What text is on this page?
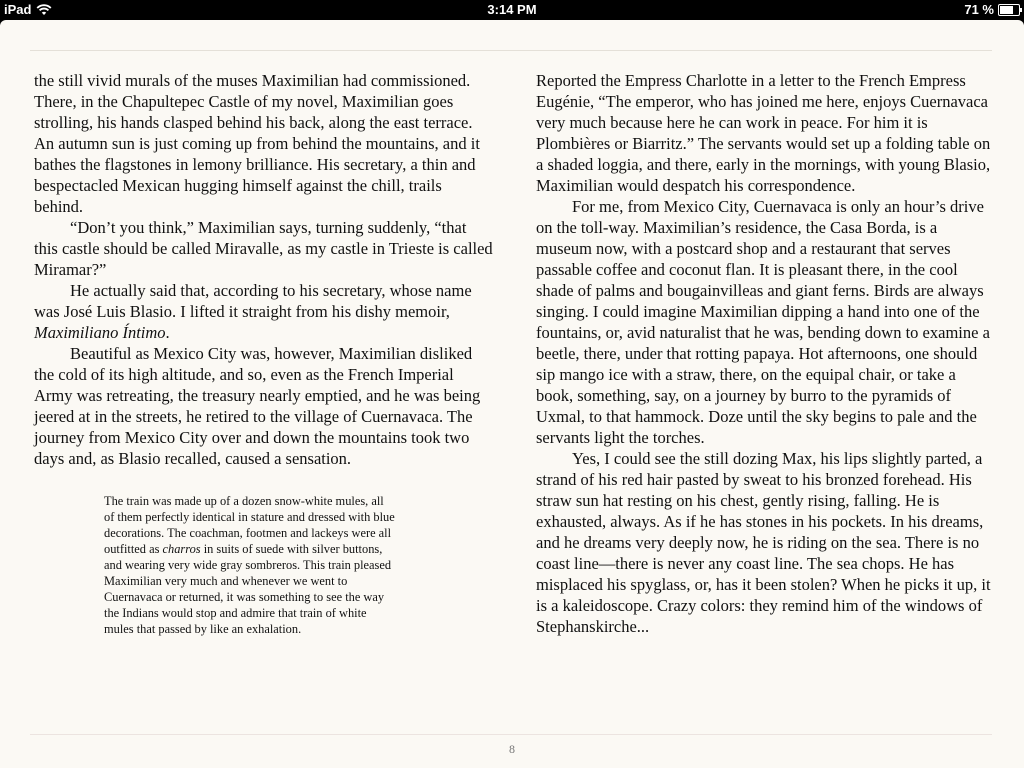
iPad	3:14 PM	71 %

the still vivid murals of the muses Maximilian had commissioned. There, in the Chapultepec Castle of my novel, Maximilian goes strolling, his hands clasped behind his back, along the east terrace. An autumn sun is just coming up from behind the mountains, and it bathes the flagstones in lemony brilliance. His secretary, a thin and bespectacled Mexican hugging himself against the chill, trails behind.

“Don’t you think,” Maximilian says, turning suddenly, “that this castle should be called Miravalle, as my castle in Trieste is called Miramar?”

He actually said that, according to his secretary, whose name was José Luis Blasio. I lifted it straight from his dishy memoir, Maximiliano Íntimo.

Beautiful as Mexico City was, however, Maximilian disliked the cold of its high altitude, and so, even as the French Imperial Army was retreating, the treasury nearly emptied, and he was being jeered at in the streets, he retired to the village of Cuernavaca. The journey from Mexico City over and down the mountains took two days and, as Blasio recalled, caused a sensation.

The train was made up of a dozen snow-white mules, all of them perfectly identical in stature and dressed with blue decorations. The coachman, footmen and lackeys were all outfitted as charros in suits of suede with silver buttons, and wearing very wide gray sombreros. This train pleased Maximilian very much and whenever we went to Cuernavaca or returned, it was something to see the way the Indians would stop and admire that train of white mules that passed by like an exhalation.

Reported the Empress Charlotte in a letter to the French Empress Eugénie, “The emperor, who has joined me here, enjoys Cuernavaca very much because here he can work in peace. For him it is Plombières or Biarritz.” The servants would set up a folding table on a shaded loggia, and there, early in the mornings, with young Blasio, Maximilian would despatch his correspondence.

For me, from Mexico City, Cuernavaca is only an hour’s drive on the toll-way. Maximilian’s residence, the Casa Borda, is a museum now, with a postcard shop and a restaurant that serves passable coffee and coconut flan. It is pleasant there, in the cool shade of palms and bougainvilleas and giant ferns. Birds are always singing. I could imagine Maximilian dipping a hand into one of the fountains, or, avid naturalist that he was, bending down to examine a beetle, there, under that rotting papaya. Hot afternoons, one should sip mango ice with a straw, there, on the equipal chair, or take a book, something, say, on a journey by burro to the pyramids of Uxmal, to that hammock. Doze until the sky begins to pale and the servants light the torches.

Yes, I could see the still dozing Max, his lips slightly parted, a strand of his red hair pasted by sweat to his bronzed forehead. His straw sun hat resting on his chest, gently rising, falling. He is exhausted, always. As if he has stones in his pockets. In his dreams, and he dreams very deeply now, he is riding on the sea. There is no coast line—there is never any coast line. The sea chops. He has misplaced his spyglass, or, has it been stolen? When he picks it up, it is a kaleidoscope. Crazy colors: they remind him of the windows of Stephanskirche...

8
